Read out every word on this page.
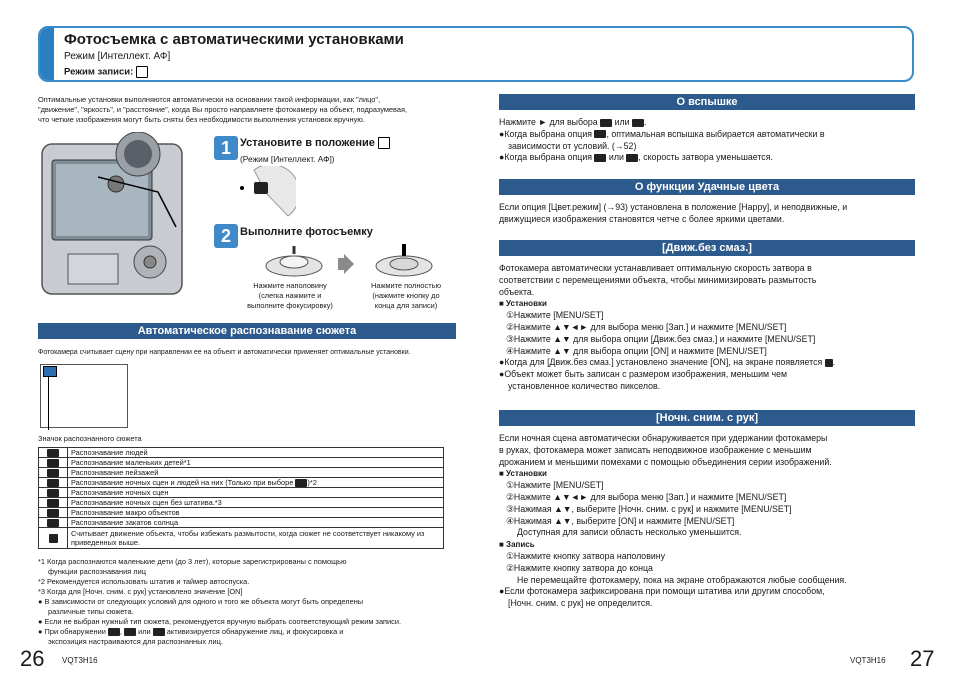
Фотосъемка с автоматическими установками
Режим [Интеллект. АФ]
Режим записи:
Оптимальные установки выполняются автоматически на основании такой информации, как "лицо",
"движение", "яркость", и "расстояние", когда Вы просто направляете фотокамеру на объект, подразумевая,
что четкие изображения могут быть сняты без необходимости выполнения установок вручную.
1 Установите в положение
(Режим [Интеллект. АФ])
2 Выполните фотосъемку
Нажмите наполовину
(слегка нажмите и
выполните фокусировку)
Нажмите полностью
(нажмите кнопку до
конца для записи)
Автоматическое распознавание сюжета
Фотокамера считывает сцену при направлении ее на объект и автоматически применяет оптимальные установки.
Значок распознанного сюжета
	Распознавание людей
	Распознавание маленьких детей*1
	Распознавание пейзажей
	Распознавание ночных сцен и людей на них (Только при выборе )*2
	Распознавание ночных сцен
	Распознавание ночных сцен без штатива.*3
	Распознавание макро объектов
	Распознавание закатов солнца
	Считывает движение объекта, чтобы избежать размытости, когда сюжет не соответствует никакому из приведенных выше.
*1 Когда распознаются маленькие дети (до 3 лет), которые зарегистрированы с помощью
функции распознавания лиц
*2 Рекомендуется использовать штатив и таймер автоспуска.
*3 Когда для [Ночн. сним. с рук] установлено значение [ON]
● В зависимости от следующих условий для одного и того же объекта могут быть определены
различные типы сюжета.
● Если не выбран нужный тип сюжета, рекомендуется вручную выбрать соответствующий режим записи.
● При обнаружении ,  или активизируется обнаружение лиц, и фокусировка и
экспозиция настраиваются для распознанных лиц.
26 VQT3H16
О вспышке
Нажмите ► для выбора или .
●Когда выбрана опция , оптимальная вспышка выбирается автоматически в
зависимости от условий. (→52)
●Когда выбрана опция или , скорость затвора уменьшается.
О функции Удачные цвета
Если опция [Цвет.режим] (→93) установлена в положение [Happy], и неподвижные, и
движущиеся изображения становятся четче с более яркими цветами.
[Движ.без смаз.]
Фотокамера автоматически устанавливает оптимальную скорость затвора в
соответствии с перемещениями объекта, чтобы минимизировать размытость
объекта.
■ Установки
①Нажмите [MENU/SET]
②Нажмите ▲▼◄► для выбора меню [Зап.] и нажмите [MENU/SET]
③Нажмите ▲▼ для выбора опции [Движ.без смаз.] и нажмите [MENU/SET]
④Нажмите ▲▼ для выбора опции [ON] и нажмите [MENU/SET]
●Когда для [Движ.без смаз.] установлено значение [ON], на экране появляется .
●Объект может быть записан с размером изображения, меньшим чем
установленное количество пикселов.
[Ночн. сним. с рук]
Если ночная сцена автоматически обнаруживается при удержании фотокамеры
в руках, фотокамера может записать неподвижное изображение с меньшим
дрожанием и меньшими помехами с помощью объединения серии изображений.
■ Установки
①Нажмите [MENU/SET]
②Нажмите ▲▼◄► для выбора меню [Зап.] и нажмите [MENU/SET]
③Нажимая ▲▼, выберите [Ночн. сним. с рук] и нажмите [MENU/SET]
④Нажимая ▲▼, выберите [ON] и нажмите [MENU/SET]
Доступная для записи область несколько уменьшится.
■ Запись
①Нажмите кнопку затвора наполовину
②Нажмите кнопку затвора до конца
Не перемещайте фотокамеру, пока на экране отображаются любые сообщения.
●Если фотокамера зафиксирована при помощи штатива или другим способом,
[Ночн. сним. с рук] не определится.
VQT3H16 27
